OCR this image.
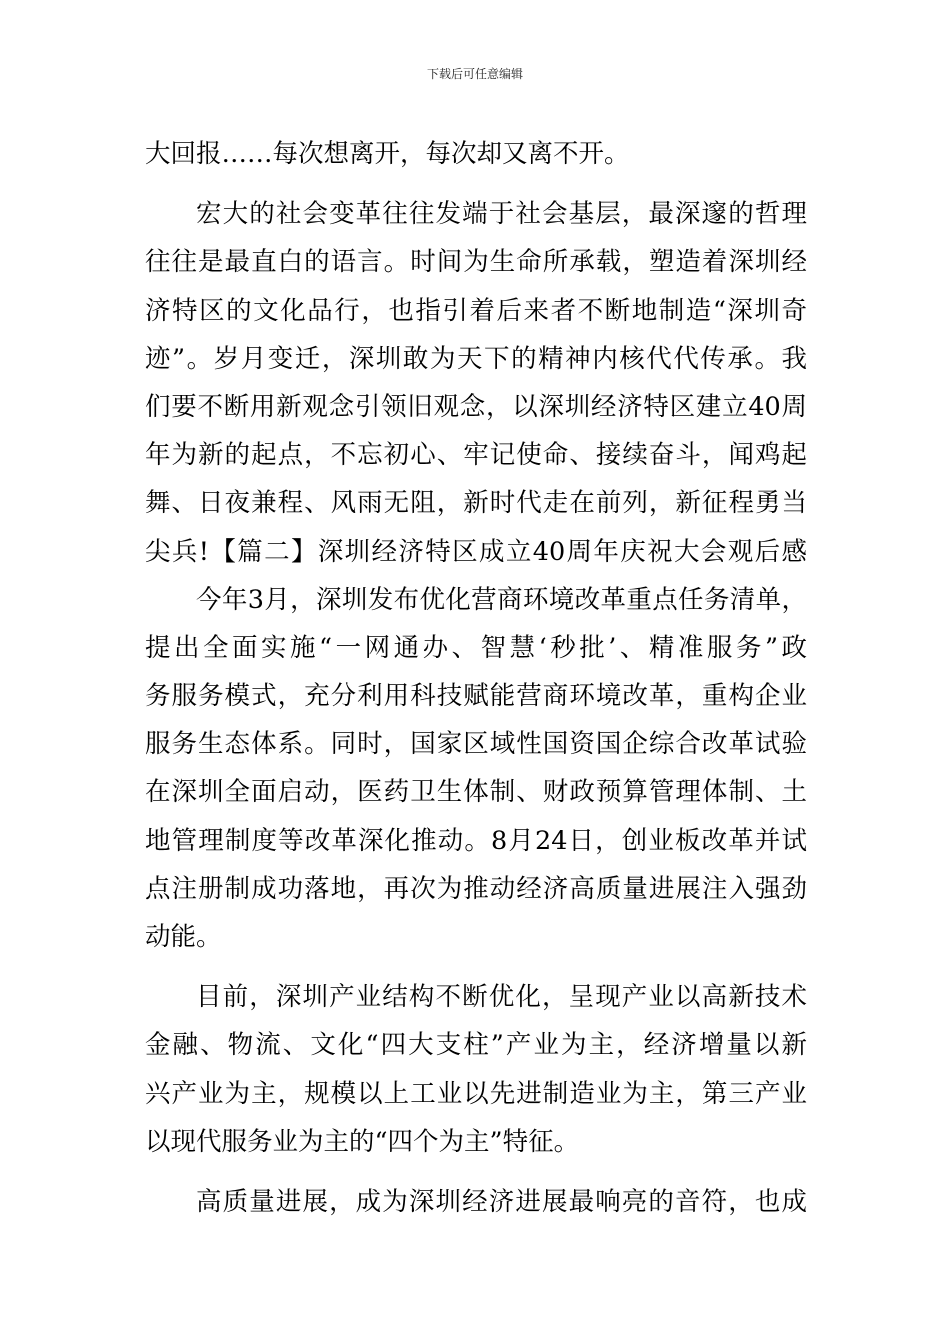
下载后可任意编辑
大回报……每次想离开，每次却又离不开。
宏大的社会变革往往发端于社会基层，最深邃的哲理
往往是最直白的语言。时间为生命所承载，塑造着深圳经
济特区的文化品行，也指引着后来者不断地制造“深圳奇
迹”。岁月变迁，深圳敢为天下的精神内核代代传承。我
们要不断用新观念引领旧观念，以深圳经济特区建立40周
年为新的起点，不忘初心、牢记使命、接续奋斗，闻鸡起
舞、日夜兼程、风雨无阻，新时代走在前列，新征程勇当
尖兵!【篇二】深圳经济特区成立40周年庆祝大会观后感
今年3月，深圳发布优化营商环境改革重点任务清单，
提出全面实施“一网通办、智慧‘秒批’、精准服务”政
务服务模式，充分利用科技赋能营商环境改革，重构企业
服务生态体系。同时，国家区域性国资国企综合改革试验
在深圳全面启动，医药卫生体制、财政预算管理体制、土
地管理制度等改革深化推动。8月24日，创业板改革并试
点注册制成功落地，再次为推动经济高质量进展注入强劲
动能。
目前，深圳产业结构不断优化，呈现产业以高新技术
金融、物流、文化“四大支柱”产业为主，经济增量以新
兴产业为主，规模以上工业以先进制造业为主，第三产业
以现代服务业为主的“四个为主”特征。
高质量进展，成为深圳经济进展最响亮的音符，也成
